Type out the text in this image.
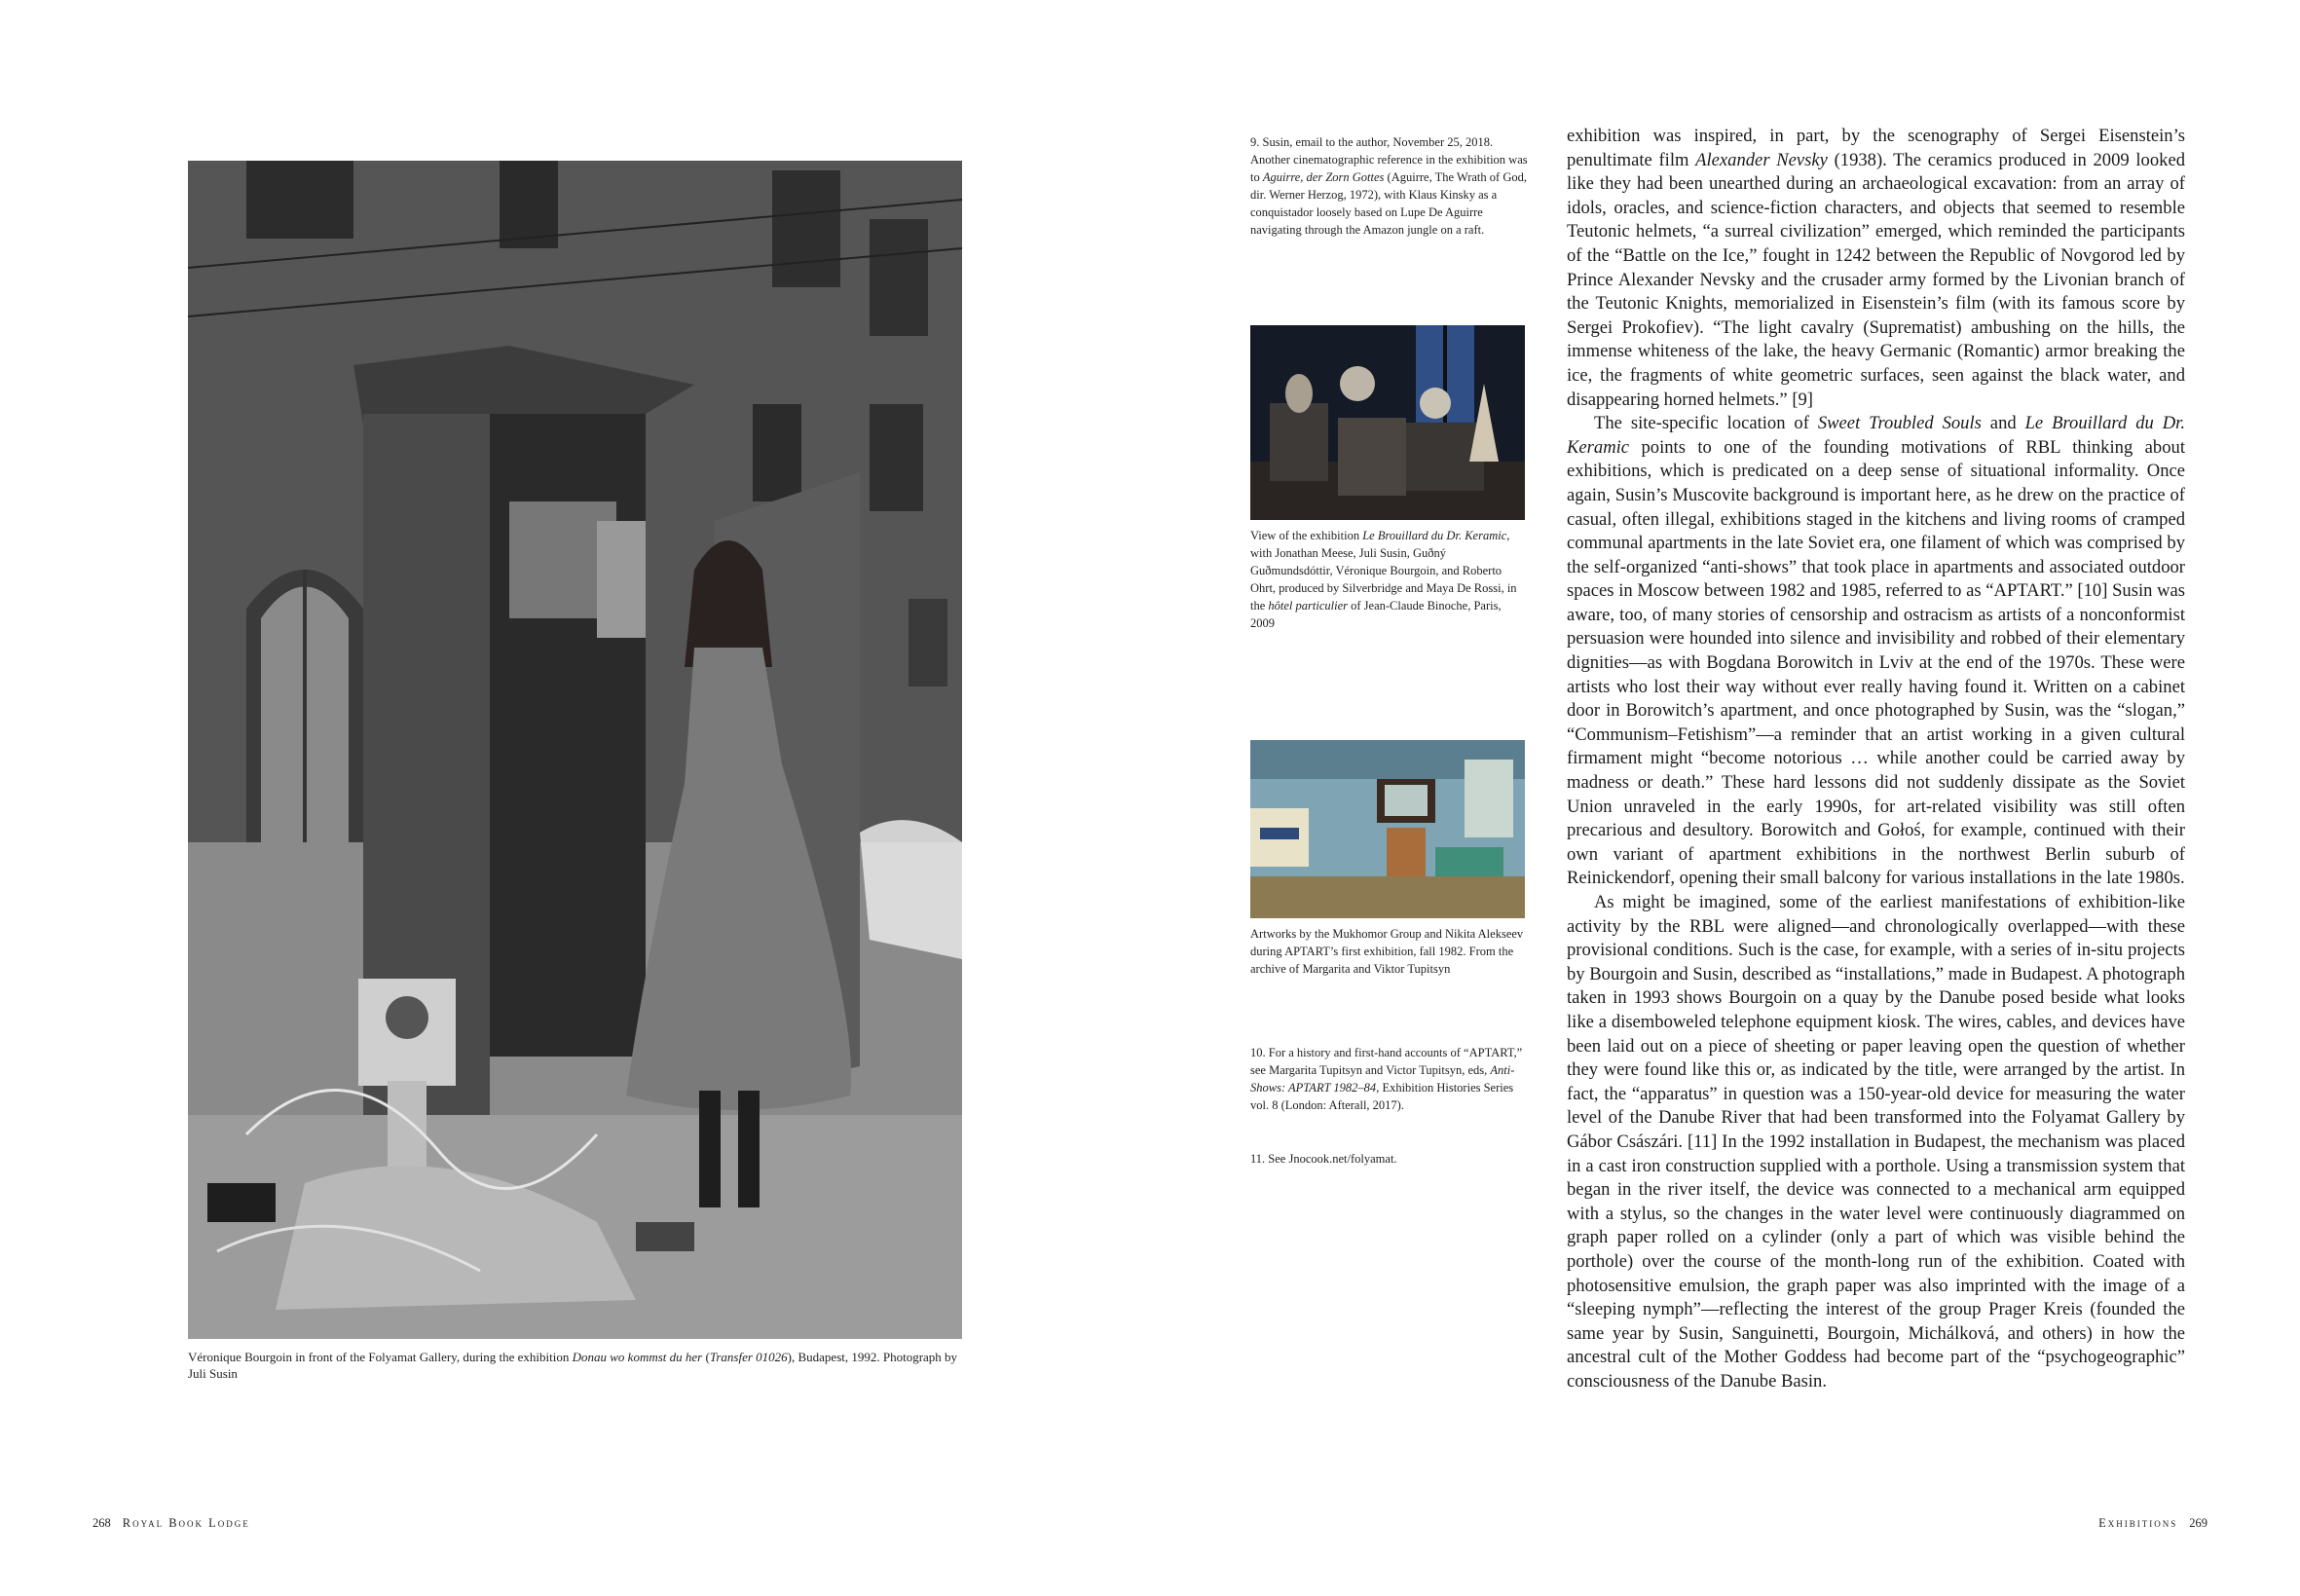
Véronique Bourgoin in front of the Folyamat Gallery, during the exhibition Donau wo kommst du her (Transfer 01026), Budapest, 1992. Photograph by Juli Susin
9. Susin, email to the author, November 25, 2018. Another cinematographic reference in the exhibition was to Aguirre, der Zorn Gottes (Aguirre, The Wrath of God, dir. Werner Herzog, 1972), with Klaus Kinsky as a conquistador loosely based on Lupe De Aguirre navigating through the Amazon jungle on a raft.
View of the exhibition Le Brouillard du Dr. Keramic, with Jonathan Meese, Juli Susin, Guðný Guðmundsdóttir, Véronique Bourgoin, and Roberto Ohrt, produced by Silverbridge and Maya De Rossi, in the hôtel particulier of Jean-Claude Binoche, Paris, 2009
Artworks by the Mukhomor Group and Nikita Alekseev during APTART’s first exhibition, fall 1982. From the archive of Margarita and Viktor Tupitsyn
10. For a history and first-hand accounts of “APTART,” see Margarita Tupitsyn and Victor Tupitsyn, eds, Anti-Shows: APTART 1982–84, Exhibition Histories Series vol. 8 (London: Afterall, 2017).
11. See Jnocook.net/folyamat.

exhibition was inspired, in part, by the scenography of Sergei Eisenstein’s penultimate film Alexander Nevsky (1938). The ceramics produced in 2009 looked like they had been unearthed during an archaeological excavation: from an array of idols, oracles, and science-fiction characters, and objects that seemed to resemble Teutonic helmets, “a surreal civilization” emerged, which reminded the participants of the “Battle on the Ice,” fought in 1242 between the Republic of Novgorod led by Prince Alexander Nevsky and the crusader army formed by the Livonian branch of the Teutonic Knights, memorialized in Eisenstein’s film (with its famous score by Sergei Prokofiev). “The light cavalry (Suprematist) ambushing on the hills, the immense whiteness of the lake, the heavy Germanic (Romantic) armor breaking the ice, the fragments of white geometric surfaces, seen against the black water, and disappearing horned helmets.” [9]

The site-specific location of Sweet Troubled Souls and Le Brouillard du Dr. Keramic points to one of the founding motivations of RBL thinking about exhibitions, which is predicated on a deep sense of situational informality. Once again, Susin’s Muscovite background is important here, as he drew on the practice of casual, often illegal, exhibitions staged in the kitchens and living rooms of cramped communal apartments in the late Soviet era, one filament of which was comprised by the self-organized “anti-shows” that took place in apartments and associated outdoor spaces in Moscow between 1982 and 1985, referred to as “APTART.” [10] Susin was aware, too, of many stories of censorship and ostracism as artists of a nonconformist persuasion were hounded into silence and invisibility and robbed of their elementary dignities—as with Bogdana Borowitch in Lviv at the end of the 1970s. These were artists who lost their way without ever really having found it. Written on a cabinet door in Borowitch’s apartment, and once photographed by Susin, was the “slogan,” “Communism–Fetishism”—a reminder that an artist working in a given cultural firmament might “become notorious … while another could be carried away by madness or death.” These hard lessons did not suddenly dissipate as the Soviet Union unraveled in the early 1990s, for art-related visibility was still often precarious and desultory. Borowitch and Gołoś, for example, continued with their own variant of apartment exhibitions in the northwest Berlin suburb of Reinickendorf, opening their small balcony for various installations in the late 1980s.

As might be imagined, some of the earliest manifestations of exhibition-like activity by the RBL were aligned—and chronologically overlapped—with these provisional conditions. Such is the case, for example, with a series of in-situ projects by Bourgoin and Susin, described as “installations,” made in Budapest. A photograph taken in 1993 shows Bourgoin on a quay by the Danube posed beside what looks like a disemboweled telephone equipment kiosk. The wires, cables, and devices have been laid out on a piece of sheeting or paper leaving open the question of whether they were found like this or, as indicated by the title, were arranged by the artist. In fact, the “apparatus” in question was a 150-year-old device for measuring the water level of the Danube River that had been transformed into the Folyamat Gallery by Gábor Császári. [11] In the 1992 installation in Budapest, the mechanism was placed in a cast iron construction supplied with a porthole. Using a transmission system that began in the river itself, the device was connected to a mechanical arm equipped with a stylus, so the changes in the water level were continuously diagrammed on graph paper rolled on a cylinder (only a part of which was visible behind the porthole) over the course of the month-long run of the exhibition. Coated with photosensitive emulsion, the graph paper was also imprinted with the image of a “sleeping nymph”—reflecting the interest of the group Prager Kreis (founded the same year by Susin, Sanguinetti, Bourgoin, Michálková, and others) in how the ancestral cult of the Mother Goddess had become part of the “psychogeographic” consciousness of the Danube Basin.

268 Royal Book Lodge	Exhibitions 269
